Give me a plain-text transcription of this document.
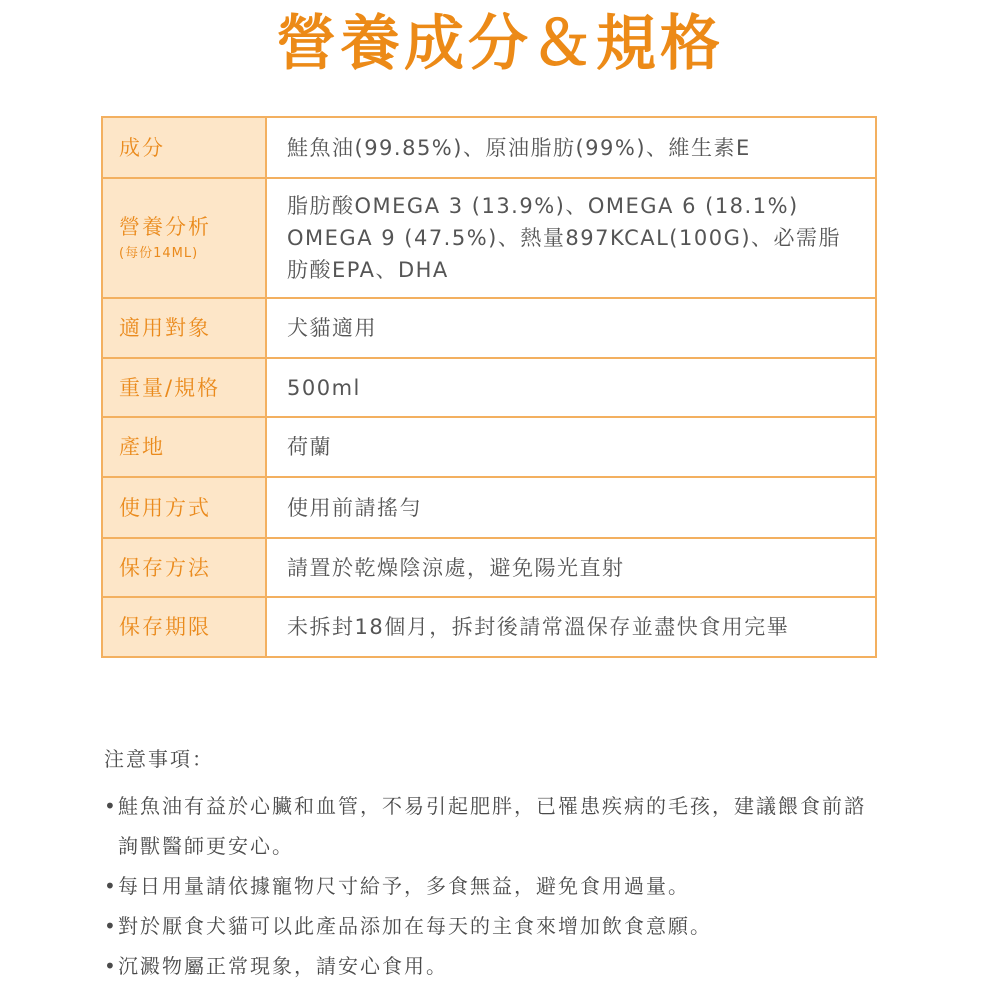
營養成分＆規格
成分	鮭魚油(99.85%)、原油脂肪(99%)、維生素E

營養分析
(每份14ML)	脂肪酸OMEGA 3 (13.9%)、OMEGA 6 (18.1%) OMEGA 9 (47.5%)、熱量897KCAL(100G)、必需脂肪酸EPA、DHA

適用對象	犬貓適用

重量/規格	500ml

產地	荷蘭

使用方式	使用前請搖勻

保存方法	請置於乾燥陰涼處，避免陽光直射

保存期限	未拆封18個月，拆封後請常溫保存並盡快食用完畢
注意事項：
• 鮭魚油有益於心臟和血管，不易引起肥胖，已罹患疾病的毛孩，建議餵食前諮詢獸醫師更安心。
• 每日用量請依據寵物尺寸給予，多食無益，避免食用過量。
• 對於厭食犬貓可以此產品添加在每天的主食來增加飲食意願。
• 沉澱物屬正常現象，請安心食用。
